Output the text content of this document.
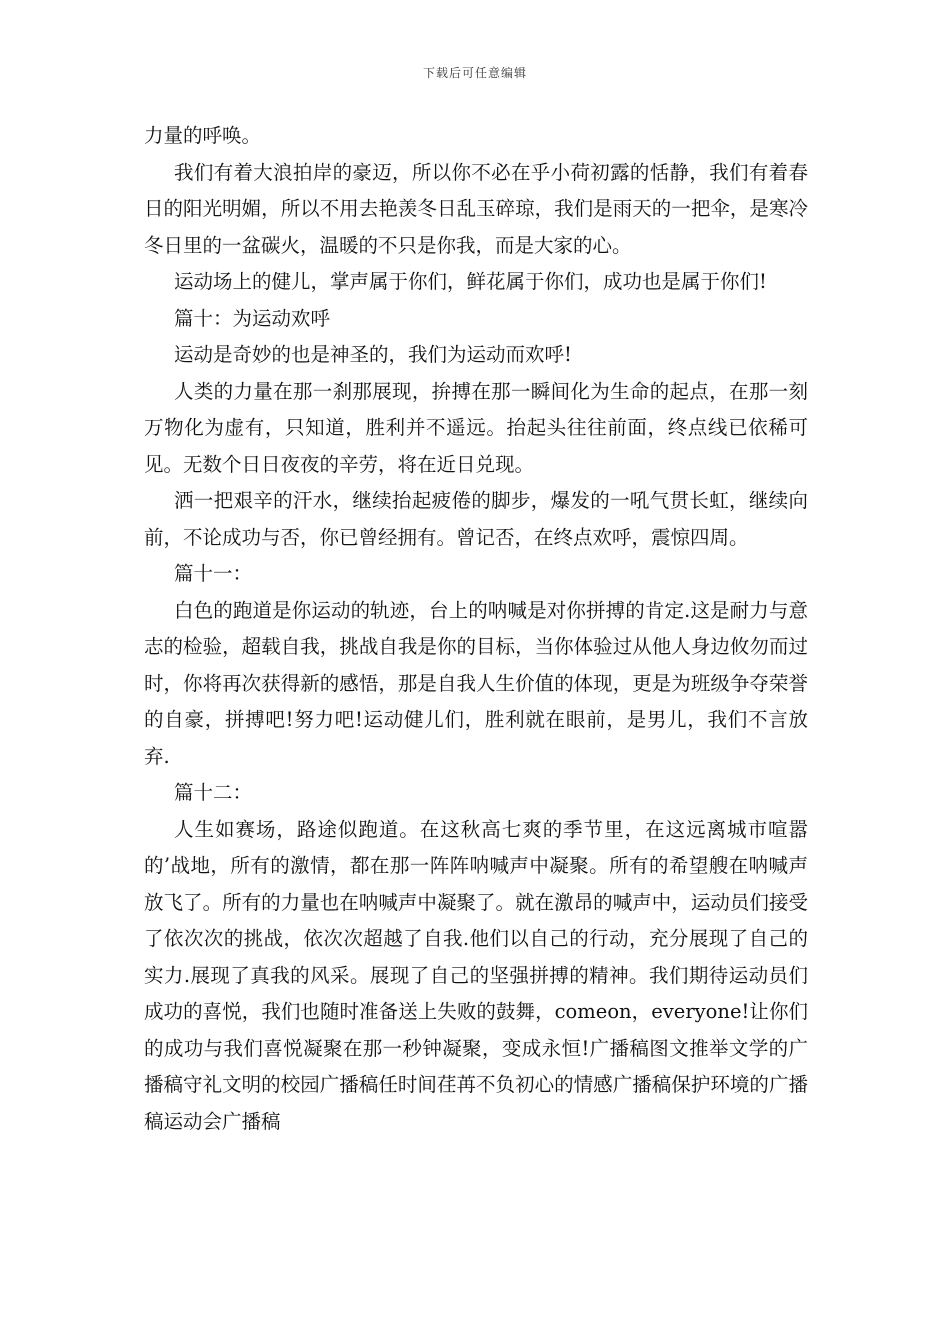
下载后可任意编辑

力量的呼唤。

我们有着大浪拍岸的豪迈，所以你不必在乎小荷初露的恬静，我们有着春日的阳光明媚，所以不用去艳羡冬日乱玉碎琼，我们是雨天的一把伞，是寒冷冬日里的一盆碳火，温暖的不只是你我，而是大家的心。

运动场上的健儿，掌声属于你们，鲜花属于你们，成功也是属于你们!

篇十：为运动欢呼

运动是奇妙的也是神圣的，我们为运动而欢呼!

人类的力量在那一刹那展现，拚搏在那一瞬间化为生命的起点，在那一刻万物化为虚有，只知道，胜利并不遥远。抬起头往往前面，终点线已依稀可见。无数个日日夜夜的辛劳，将在近日兑现。

洒一把艰辛的汗水，继续抬起疲倦的脚步，爆发的一吼气贯长虹，继续向前，不论成功与否，你已曾经拥有。曾记否，在终点欢呼，震惊四周。

篇十一：

白色的跑道是你运动的轨迹，台上的呐喊是对你拼搏的肯定.这是耐力与意志的检验，超载自我，挑战自我是你的目标，当你体验过从他人身边攸勿而过时，你将再次获得新的感悟，那是自我人生价值的体现，更是为班级争夺荣誉的自豪，拼搏吧!努力吧!运动健儿们，胜利就在眼前，是男儿，我们不言放弃.

篇十二：

人生如赛场，路途似跑道。在这秋高七爽的季节里，在这远离城市喧嚣的’战地，所有的激情，都在那一阵阵呐喊声中凝聚。所有的希望艘在呐喊声放飞了。所有的力量也在呐喊声中凝聚了。就在激昂的喊声中，运动员们接受了依次次的挑战，依次次超越了自我.他们以自己的行动，充分展现了自己的实力.展现了真我的风采。展现了自己的坚强拼搏的精神。我们期待运动员们成功的喜悦，我们也随时准备送上失败的鼓舞，comeon，everyone!让你们的成功与我们喜悦凝聚在那一秒钟凝聚，变成永恒!广播稿图文推举文学的广播稿守礼文明的校园广播稿任时间荏苒不负初心的情感广播稿保护环境的广播稿运动会广播稿
